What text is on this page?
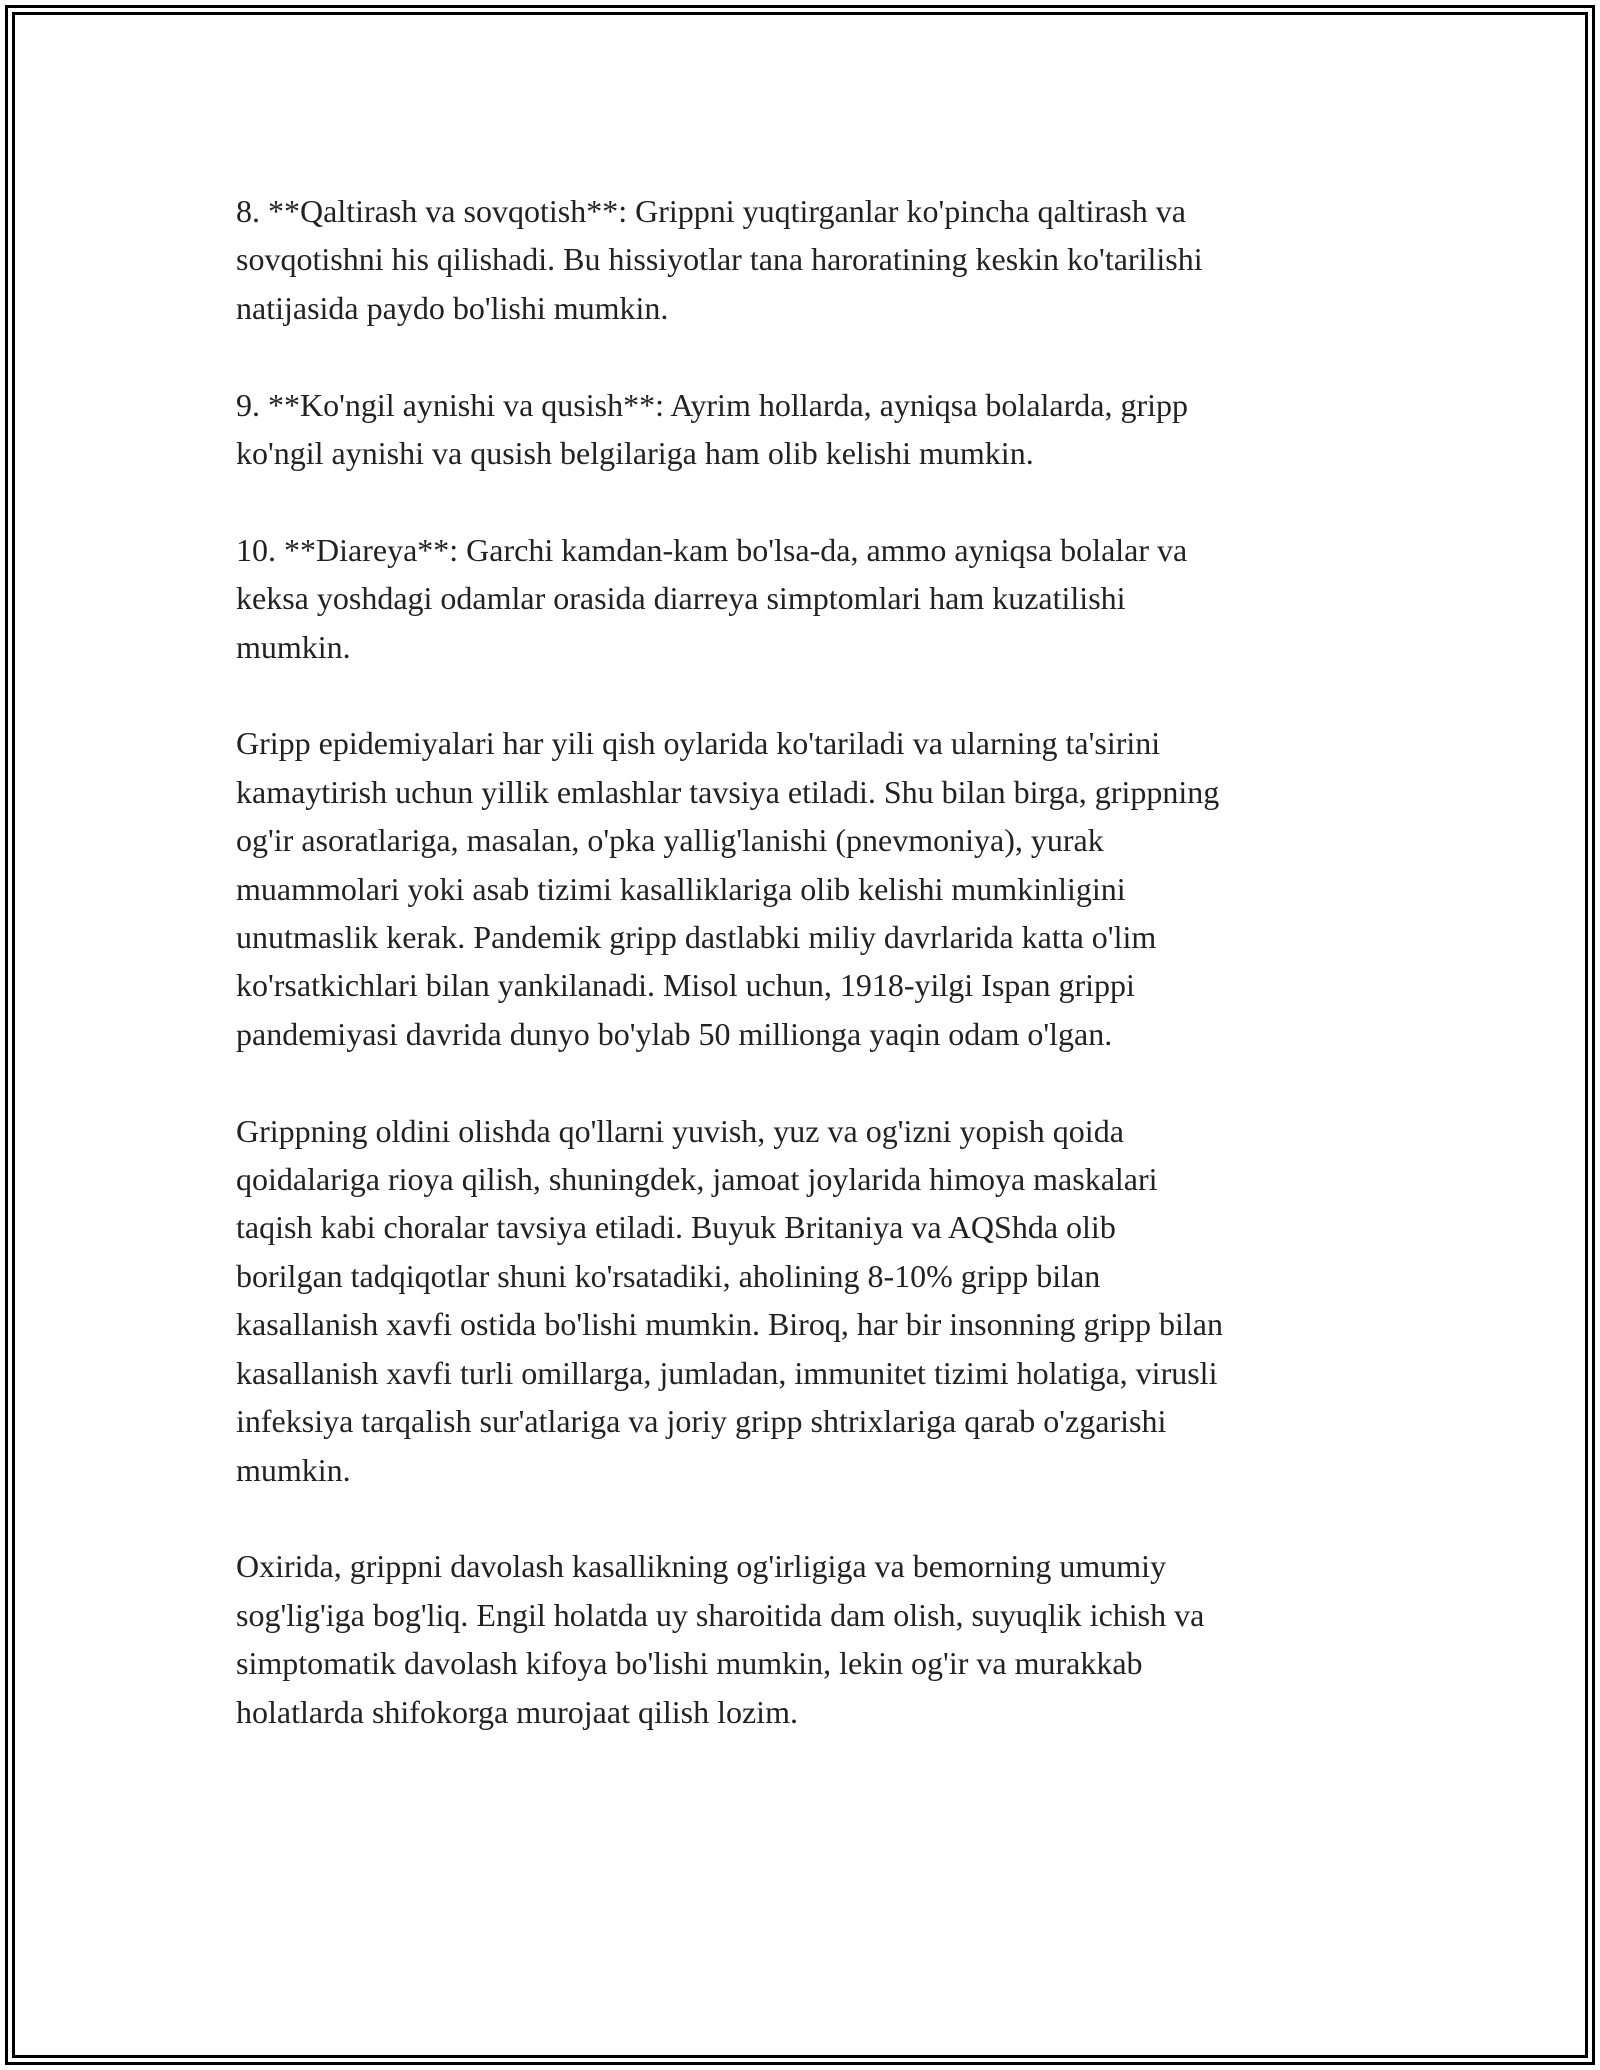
8. **Qaltirash va sovqotish**: Grippni yuqtirganlar ko'pincha qaltirash va
sovqotishni his qilishadi. Bu hissiyotlar tana haroratining keskin ko'tarilishi
natijasida paydo bo'lishi mumkin.

9. **Ko'ngil aynishi va qusish**: Ayrim hollarda, ayniqsa bolalarda, gripp
ko'ngil aynishi va qusish belgilariga ham olib kelishi mumkin.

10. **Diareya**: Garchi kamdan-kam bo'lsa-da, ammo ayniqsa bolalar va
keksa yoshdagi odamlar orasida diarreya simptomlari ham kuzatilishi
mumkin.

Gripp epidemiyalari har yili qish oylarida ko'tariladi va ularning ta'sirini
kamaytirish uchun yillik emlashlar tavsiya etiladi. Shu bilan birga, grippning
og'ir asoratlariga, masalan, o'pka yallig'lanishi (pnevmoniya), yurak
muammolari yoki asab tizimi kasalliklariga olib kelishi mumkinligini
unutmaslik kerak. Pandemik gripp dastlabki miliy davrlarida katta o'lim
ko'rsatkichlari bilan yankilanadi. Misol uchun, 1918-yilgi Ispan grippi
pandemiyasi davrida dunyo bo'ylab 50 millionga yaqin odam o'lgan.

Grippning oldini olishda qo'llarni yuvish, yuz va og'izni yopish qoida
qoidalariga rioya qilish, shuningdek, jamoat joylarida himoya maskalari
taqish kabi choralar tavsiya etiladi. Buyuk Britaniya va AQShda olib
borilgan tadqiqotlar shuni ko'rsatadiki, aholining 8-10% gripp bilan
kasallanish xavfi ostida bo'lishi mumkin. Biroq, har bir insonning gripp bilan
kasallanish xavfi turli omillarga, jumladan, immunitet tizimi holatiga, virusli
infeksiya tarqalish sur'atlariga va joriy gripp shtrixlariga qarab o'zgarishi
mumkin.

Oxirida, grippni davolash kasallikning og'irligiga va bemorning umumiy
sog'lig'iga bog'liq. Engil holatda uy sharoitida dam olish, suyuqlik ichish va
simptomatik davolash kifoya bo'lishi mumkin, lekin og'ir va murakkab
holatlarda shifokorga murojaat qilish lozim.
